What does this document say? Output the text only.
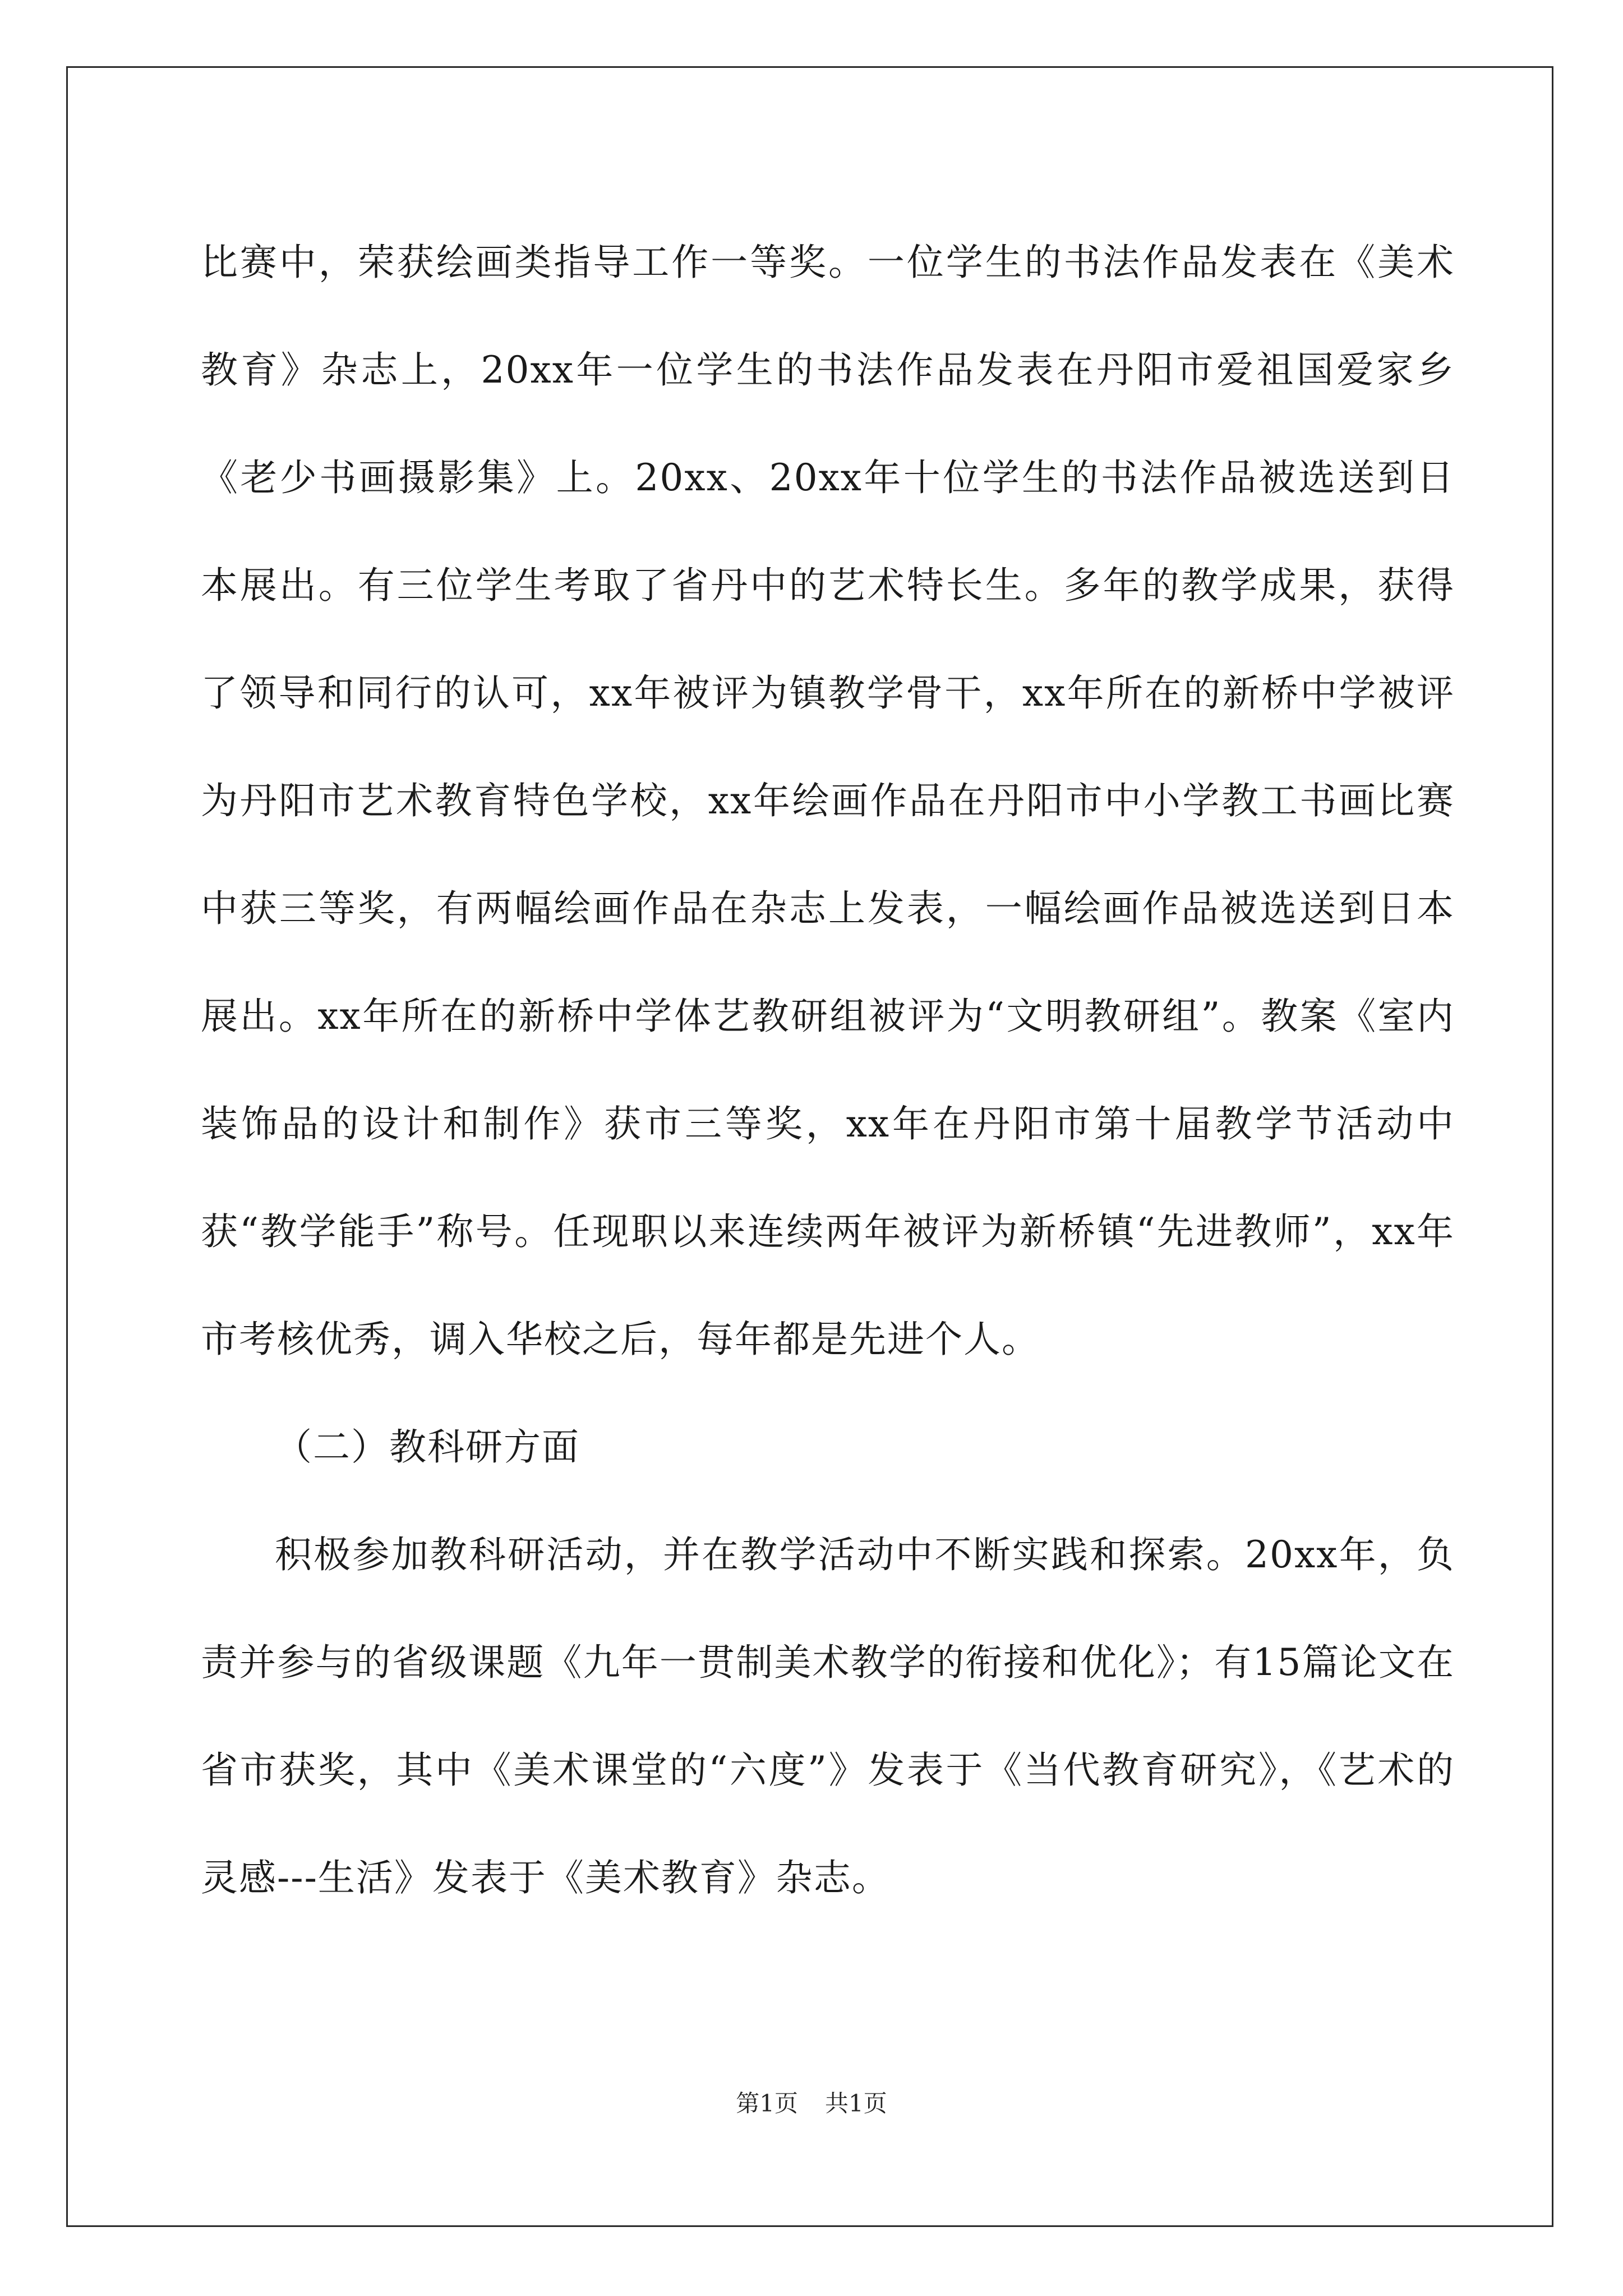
比赛中，荣获绘画类指导工作一等奖。一位学生的书法作品发表在《美术教育》杂志上，20xx年一位学生的书法作品发表在丹阳市爱祖国爱家乡《老少书画摄影集》上。20xx、20xx年十位学生的书法作品被选送到日本展出。有三位学生考取了省丹中的艺术特长生。多年的教学成果，获得了领导和同行的认可，xx年被评为镇教学骨干，xx年所在的新桥中学被评为丹阳市艺术教育特色学校，xx年绘画作品在丹阳市中小学教工书画比赛中获三等奖，有两幅绘画作品在杂志上发表，一幅绘画作品被选送到日本展出。xx年所在的新桥中学体艺教研组被评为“文明教研组”。教案《室内装饰品的设计和制作》获市三等奖，xx年在丹阳市第十届教学节活动中获“教学能手”称号。任现职以来连续两年被评为新桥镇“先进教师”，xx年市考核优秀，调入华校之后，每年都是先进个人。

（二）教科研方面

积极参加教科研活动，并在教学活动中不断实践和探索。20xx年，负责并参与的省级课题《九年一贯制美术教学的衔接和优化》；有15篇论文在省市获奖，其中《美术课堂的“六度”》发表于《当代教育研究》，《艺术的灵感---生活》发表于《美术教育》杂志。

第1页 共1页
